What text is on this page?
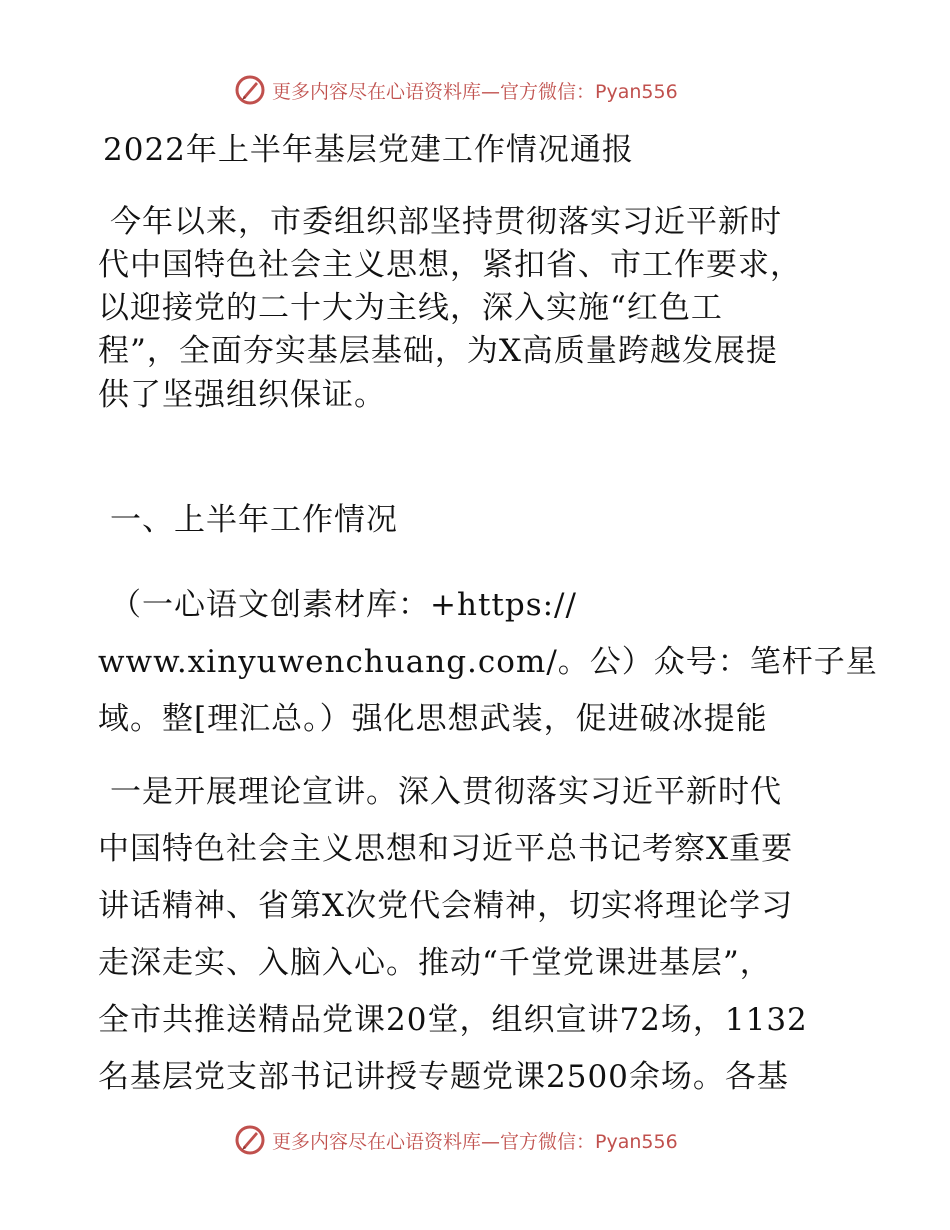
更多内容尽在心语资料库—官方微信：Pyan556
2022年上半年基层党建工作情况通报
今年以来，市委组织部坚持贯彻落实习近平新时
代中国特色社会主义思想，紧扣省、市工作要求，
以迎接党的二十大为主线，深入实施“红色工
程”，全面夯实基层基础，为X高质量跨越发展提
供了坚强组织保证。
一、上半年工作情况
（一心语文创素材库：+https://
www.xinyuwenchuang.com/。公）众号：笔杆子星
域。整[理汇总。）强化思想武装，促进破冰提能
一是开展理论宣讲。深入贯彻落实习近平新时代
中国特色社会主义思想和习近平总书记考察X重要
讲话精神、省第X次党代会精神，切实将理论学习
走深走实、入脑入心。推动“千堂党课进基层”，
全市共推送精品党课20堂，组织宣讲72场，1132
名基层党支部书记讲授专题党课2500余场。各基
更多内容尽在心语资料库—官方微信：Pyan556
